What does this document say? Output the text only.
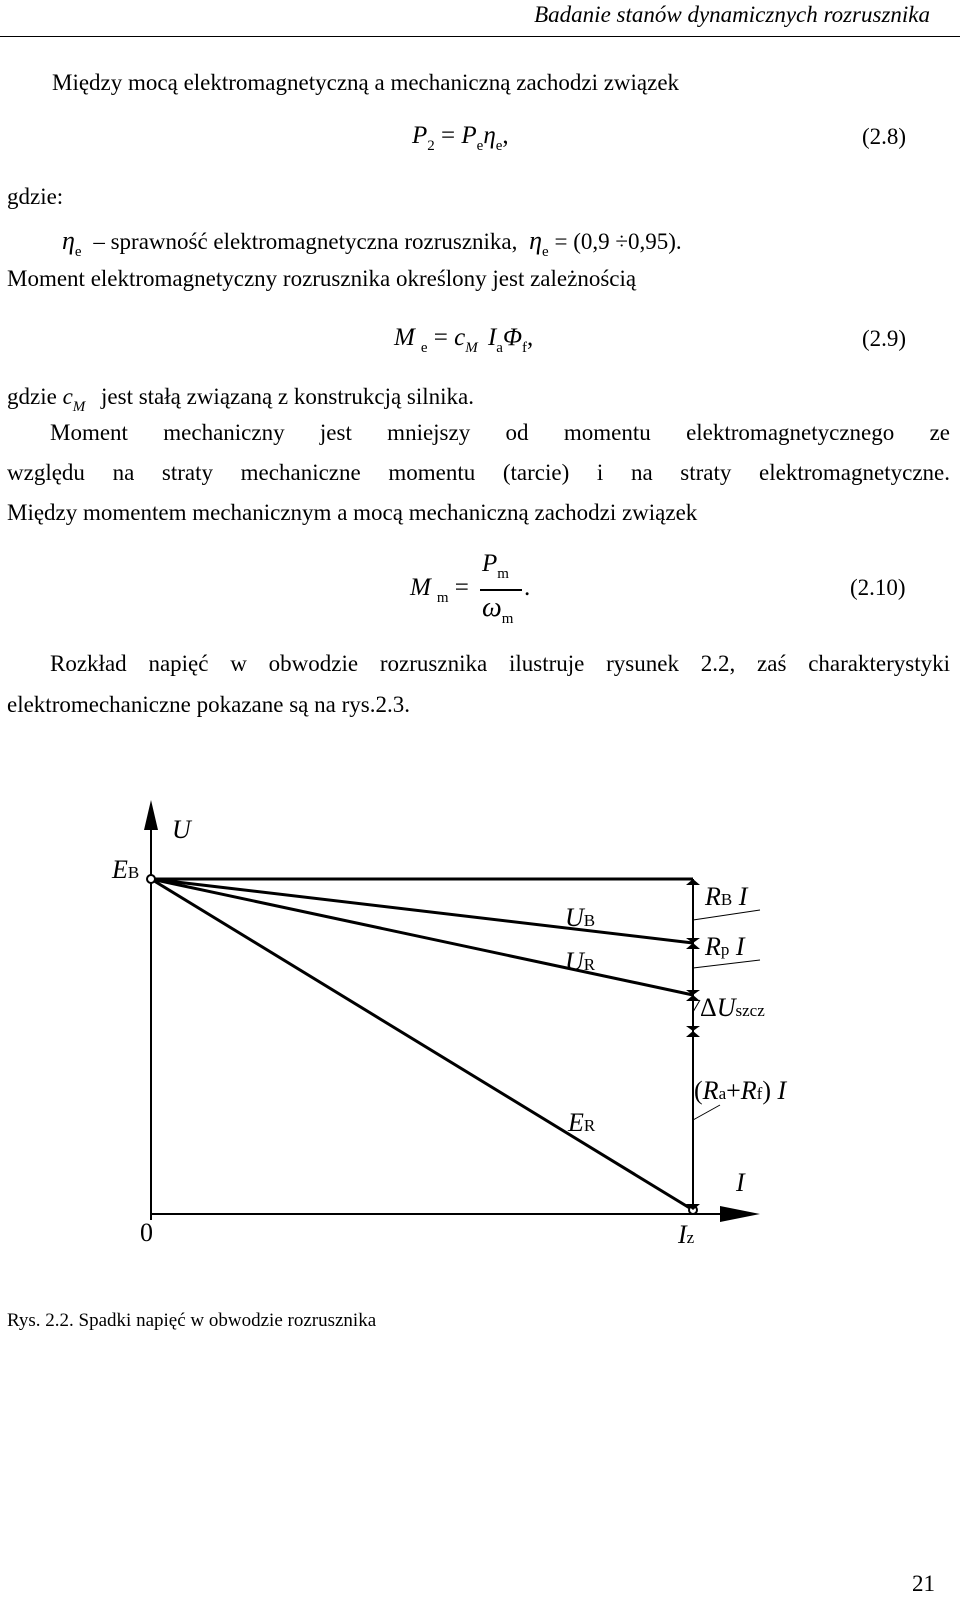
Badanie stanów dynamicznych rozrusznika
Między mocą elektromagnetyczną a mechaniczną zachodzi związek
$P_2 = P_e\eta_e$,	(2.8)
gdzie:
$\eta_e$ – sprawność elektromagnetyczna rozrusznika, $\eta_e = (0,9 \div 0,95)$.
Moment elektromagnetyczny rozrusznika określony jest zależnością
M $_e = c_M$ $I_a\Phi_f$,	(2.9)
gdzie $c_M$ jest stałą związaną z konstrukcją silnika.
Moment mechaniczny jest mniejszy od momentu elektromagnetycznego ze
względu na straty mechaniczne momentu (tarcie) i na straty elektromagnetyczne.
Między momentem mechanicznym a mocą mechaniczną zachodzi związek
M $_m$ =
$P_m$
$\omega_m$
.	(2.10)
Rozkład napięć w obwodzie rozrusznika ilustruje rysunek 2.2, zaś charakterystyki
elektromechaniczne pokazane są na rys.2.3.
U
EB
UB
UR
ER
RB I
Rp I
ΔUszcz
(Ra+Rf) I
I
0	Iz
Rys. 2.2. Spadki napięć w obwodzie rozrusznika
21
